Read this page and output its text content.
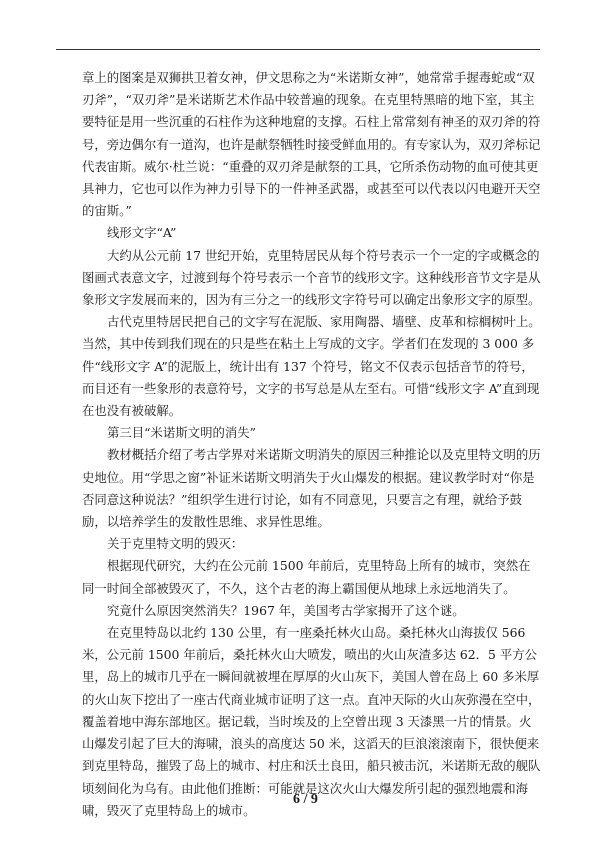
章上的图案是双狮拱卫着女神，伊文思称之为“米诺斯女神”，她常常手握毒蛇或“双刃斧”，“双刃斧”是米诺斯艺术作品中较普遍的现象。在克里特黑暗的地下室，其主要特征是用一些沉重的石柱作为这种地窟的支撑。石柱上常常刻有神圣的双刃斧的符号，旁边偶尔有一道沟，也许是献祭牺牲时接受鲜血用的。有专家认为，双刃斧标记代表宙斯。威尔·杜兰说：“重叠的双刃斧是献祭的工具，它所杀伤动物的血可使其更具神力，它也可以作为神力引导下的一件神圣武器，或甚至可以代表以闪电避开天空的宙斯。”

线形文字“A”

大约从公元前 17 世纪开始，克里特居民从每个符号表示一个一定的字或概念的图画式表意文字，过渡到每个符号表示一个音节的线形文字。这种线形音节文字是从象形文字发展而来的，因为有三分之一的线形文字符号可以确定出象形文字的原型。

古代克里特居民把自己的文字写在泥版、家用陶器、墙壁、皮革和棕榈树叶上。当然，其中传到我们现在的只是些在粘土上写成的文字。学者们在发现的 3 000 多件“线形文字 A”的泥版上，统计出有 137 个符号，铭文不仅表示包括音节的符号，而目还有一些象形的表意符号，文字的书写总是从左至右。可惜“线形文字 A”直到现在也没有被破解。

第三目“米诺斯文明的消失”

教材概括介绍了考古学界对米诺斯文明消失的原因三种推论以及克里特文明的历史地位。用“学思之窗”补证米诺斯文明消失于火山爆发的根据。建议教学时对“你是否同意这种说法？”组织学生进行讨论，如有不同意见，只要言之有理，就给予鼓励，以培养学生的发散性思维、求异性思维。

关于克里特文明的毁灭：

根据现代研究，大约在公元前 1500 年前后，克里特岛上所有的城市，突然在同一时间全部被毁灭了，不久，这个古老的海上霸国便从地球上永远地消失了。

究竟什么原因突然消失？1967 年，美国考古学家揭开了这个谜。

在克里特岛以北约 130 公里，有一座桑托林火山岛。桑托林火山海拔仅 566 米，公元前 1500 年前后，桑托林火山大喷发，喷出的火山灰渣多达 62．5 平方公里，岛上的城市几乎在一瞬间就被埋在厚厚的火山灰下，美国人曾在岛上 60 多米厚的火山灰下挖出了一座古代商业城市证明了这一点。直冲天际的火山灰弥漫在空中，覆盖着地中海东部地区。据记载，当时埃及的上空曾出现 3 天漆黑一片的情景。火山爆发引起了巨大的海啸，浪头的高度达 50 米，这滔天的巨浪滚滚南下，很快便来到克里特岛，摧毁了岛上的城市、村庄和沃土良田，船只被击沉，米诺斯无敌的舰队顷刻间化为乌有。由此他们推断：可能就是这次火山大爆发所引起的强烈地震和海啸，毁灭了克里特岛上的城市。

6 / 9
